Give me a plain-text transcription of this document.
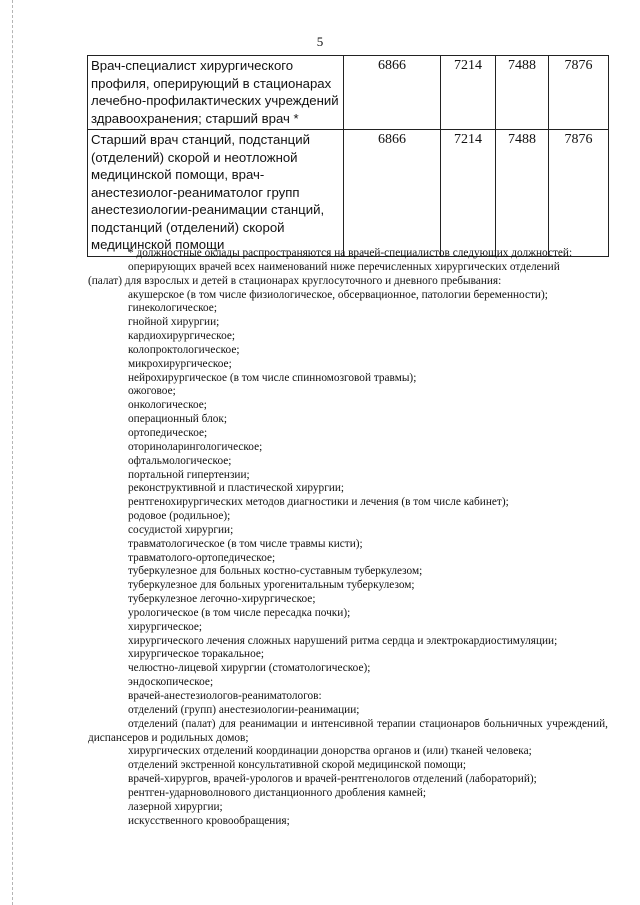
5
Врач-специалист хирургического профиля, оперирующий в стационарах лечебно-профилактических учреждений здравоохранения; старший врач *	6866	7214	7488	7876
Старший врач станций, подстанций (отделений) скорой и неотложной медицинской помощи, врач-анестезиолог-реаниматолог групп анестезиологии-реанимации станций, подстанций (отделений) скорой медицинской помощи	6866	7214	7488	7876
* должностные оклады распространяются на врачей-специалистов следующих должностей:
оперирующих врачей всех наименований ниже перечисленных хирургических отделений
(палат) для взрослых и детей в стационарах круглосуточного и дневного пребывания:
акушерское (в том числе физиологическое, обсервационное, патологии беременности);
гинекологическое;
гнойной хирургии;
кардиохирургическое;
колопроктологическое;
микрохирургическое;
нейрохирургическое (в том числе спинномозговой травмы);
ожоговое;
онкологическое;
операционный блок;
ортопедическое;
оториноларингологическое;
офтальмологическое;
портальной гипертензии;
реконструктивной и пластической хирургии;
рентгенохирургических методов диагностики и лечения (в том числе кабинет);
родовое (родильное);
сосудистой хирургии;
травматологическое (в том числе травмы кисти);
травматолого-ортопедическое;
туберкулезное для больных костно-суставным туберкулезом;
туберкулезное для больных урогенитальным туберкулезом;
туберкулезное легочно-хирургическое;
урологическое (в том числе пересадка почки);
хирургическое;
хирургического лечения сложных нарушений ритма сердца и электрокардиостимуляции;
хирургическое торакальное;
челюстно-лицевой хирургии (стоматологическое);
эндоскопическое;
врачей-анестезиологов-реаниматологов:
отделений (групп) анестезиологии-реанимации;
отделений (палат) для реанимации и интенсивной терапии стационаров больничных учреждений, диспансеров и родильных домов;
хирургических отделений координации донорства органов и (или) тканей человека;
отделений экстренной консультативной скорой медицинской помощи;
врачей-хирургов, врачей-урологов и врачей-рентгенологов отделений (лабораторий);
рентген-ударноволнового дистанционного дробления камней;
лазерной хирургии;
искусственного кровообращения;
